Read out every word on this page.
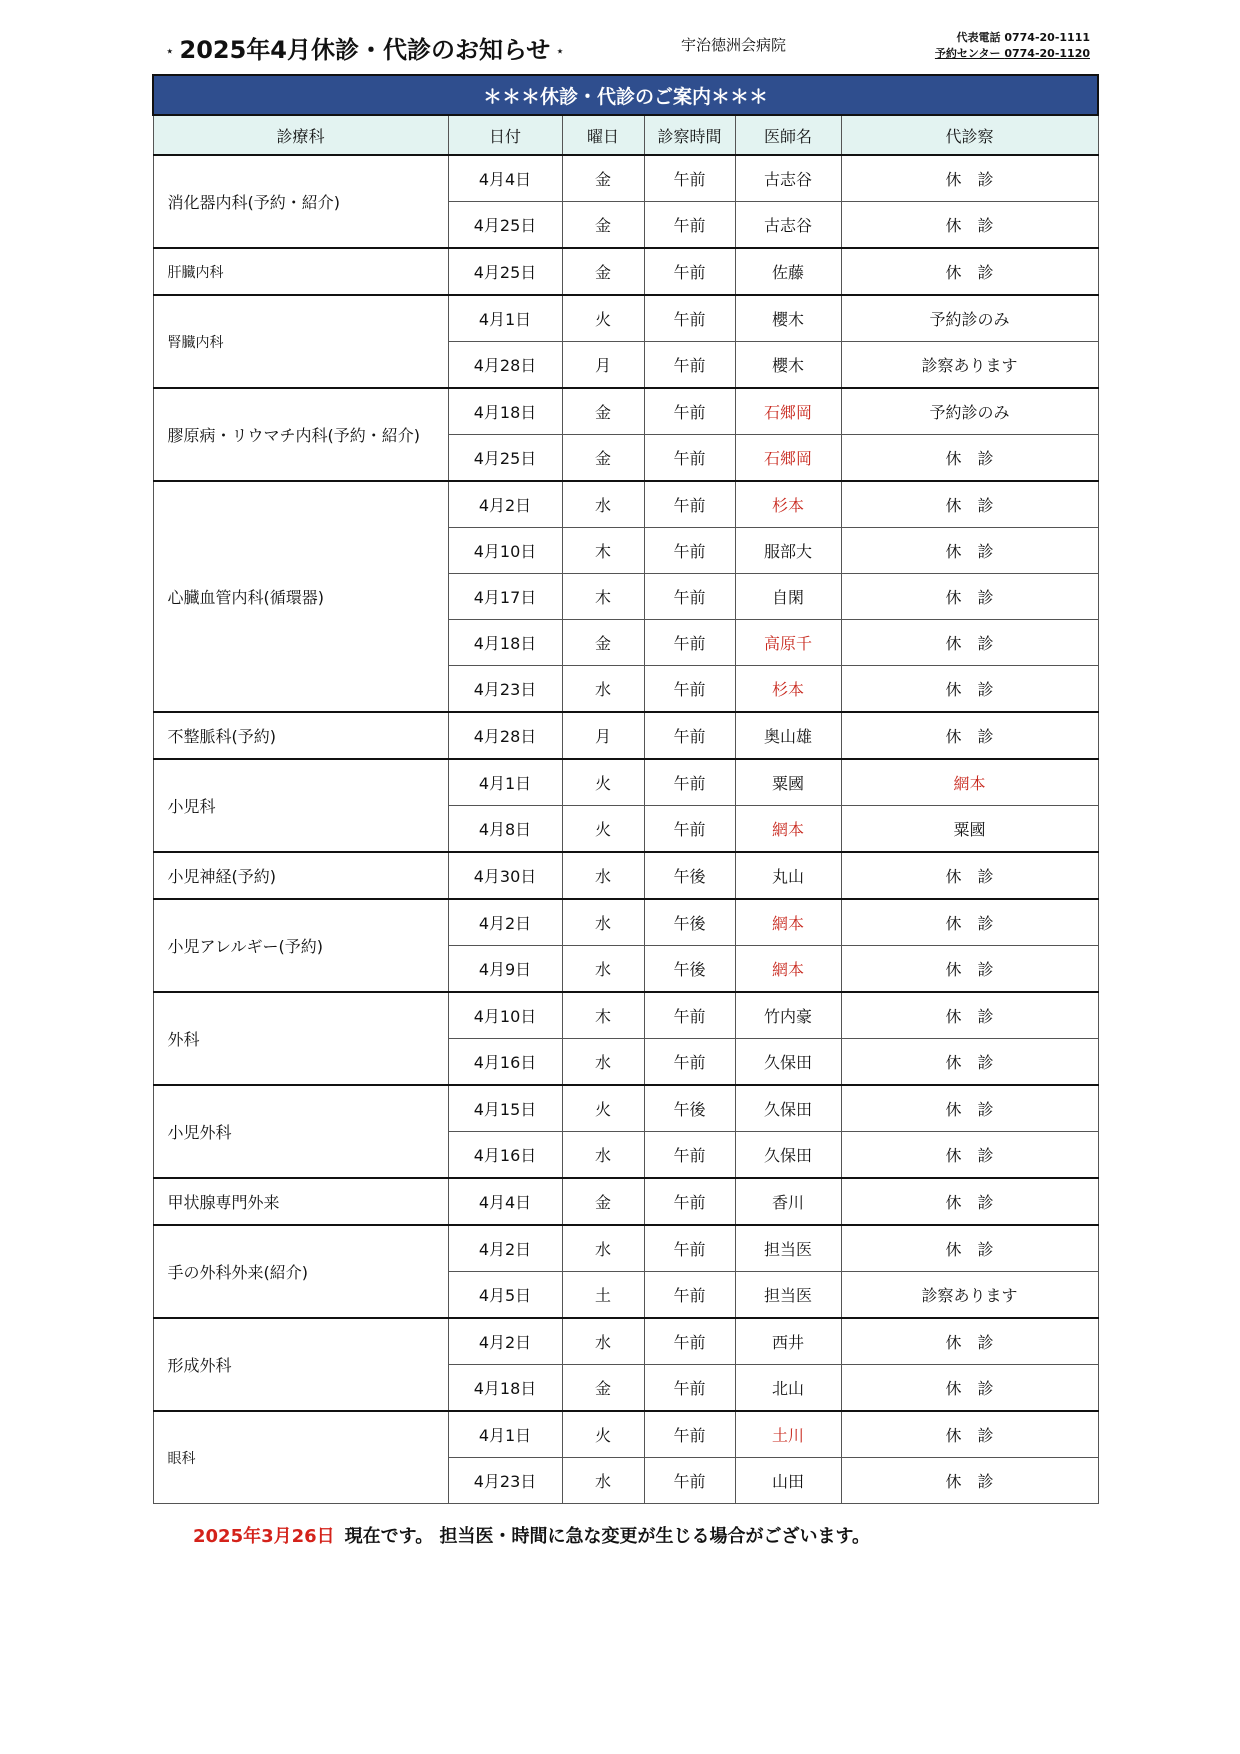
⋆ 2025年4月休診・代診のお知らせ ⋆	宇治徳洲会病院	代表電話 0774-20-1111
予約センター 0774-20-1120
＊＊＊休診・代診のご案内＊＊＊					
診療科	日付	曜日	診察時間	医師名	代診察
消化器内科(予約・紹介)	4月4日	金	午前	古志谷	休　診
	4月25日	金	午前	古志谷	休　診
肝臓内科	4月25日	金	午前	佐藤	休　診
腎臓内科	4月1日	火	午前	櫻木	予約診のみ
	4月28日	月	午前	櫻木	診察あります
膠原病・リウマチ内科(予約・紹介)	4月18日	金	午前	石郷岡	予約診のみ
	4月25日	金	午前	石郷岡	休　診
心臓血管内科(循環器)	4月2日	水	午前	杉本	休　診
	4月10日	木	午前	服部大	休　診
	4月17日	木	午前	自閑	休　診
	4月18日	金	午前	高原千	休　診
	4月23日	水	午前	杉本	休　診
不整脈科(予約)	4月28日	月	午前	奥山雄	休　診
小児科	4月1日	火	午前	粟國	網本
	4月8日	火	午前	網本	粟國
小児神経(予約)	4月30日	水	午後	丸山	休　診
小児アレルギー(予約)	4月2日	水	午後	網本	休　診
	4月9日	水	午後	網本	休　診
外科	4月10日	木	午前	竹内豪	休　診
	4月16日	水	午前	久保田	休　診
小児外科	4月15日	火	午後	久保田	休　診
	4月16日	水	午前	久保田	休　診
甲状腺専門外来	4月4日	金	午前	香川	休　診
手の外科外来(紹介)	4月2日	水	午前	担当医	休　診
	4月5日	土	午前	担当医	診察あります
形成外科	4月2日	水	午前	西井	休　診
	4月18日	金	午前	北山	休　診
眼科	4月1日	火	午前	土川	休　診
	4月23日	水	午前	山田	休　診
2025年3月26日 現在です。 担当医・時間に急な変更が生じる場合がございます。
